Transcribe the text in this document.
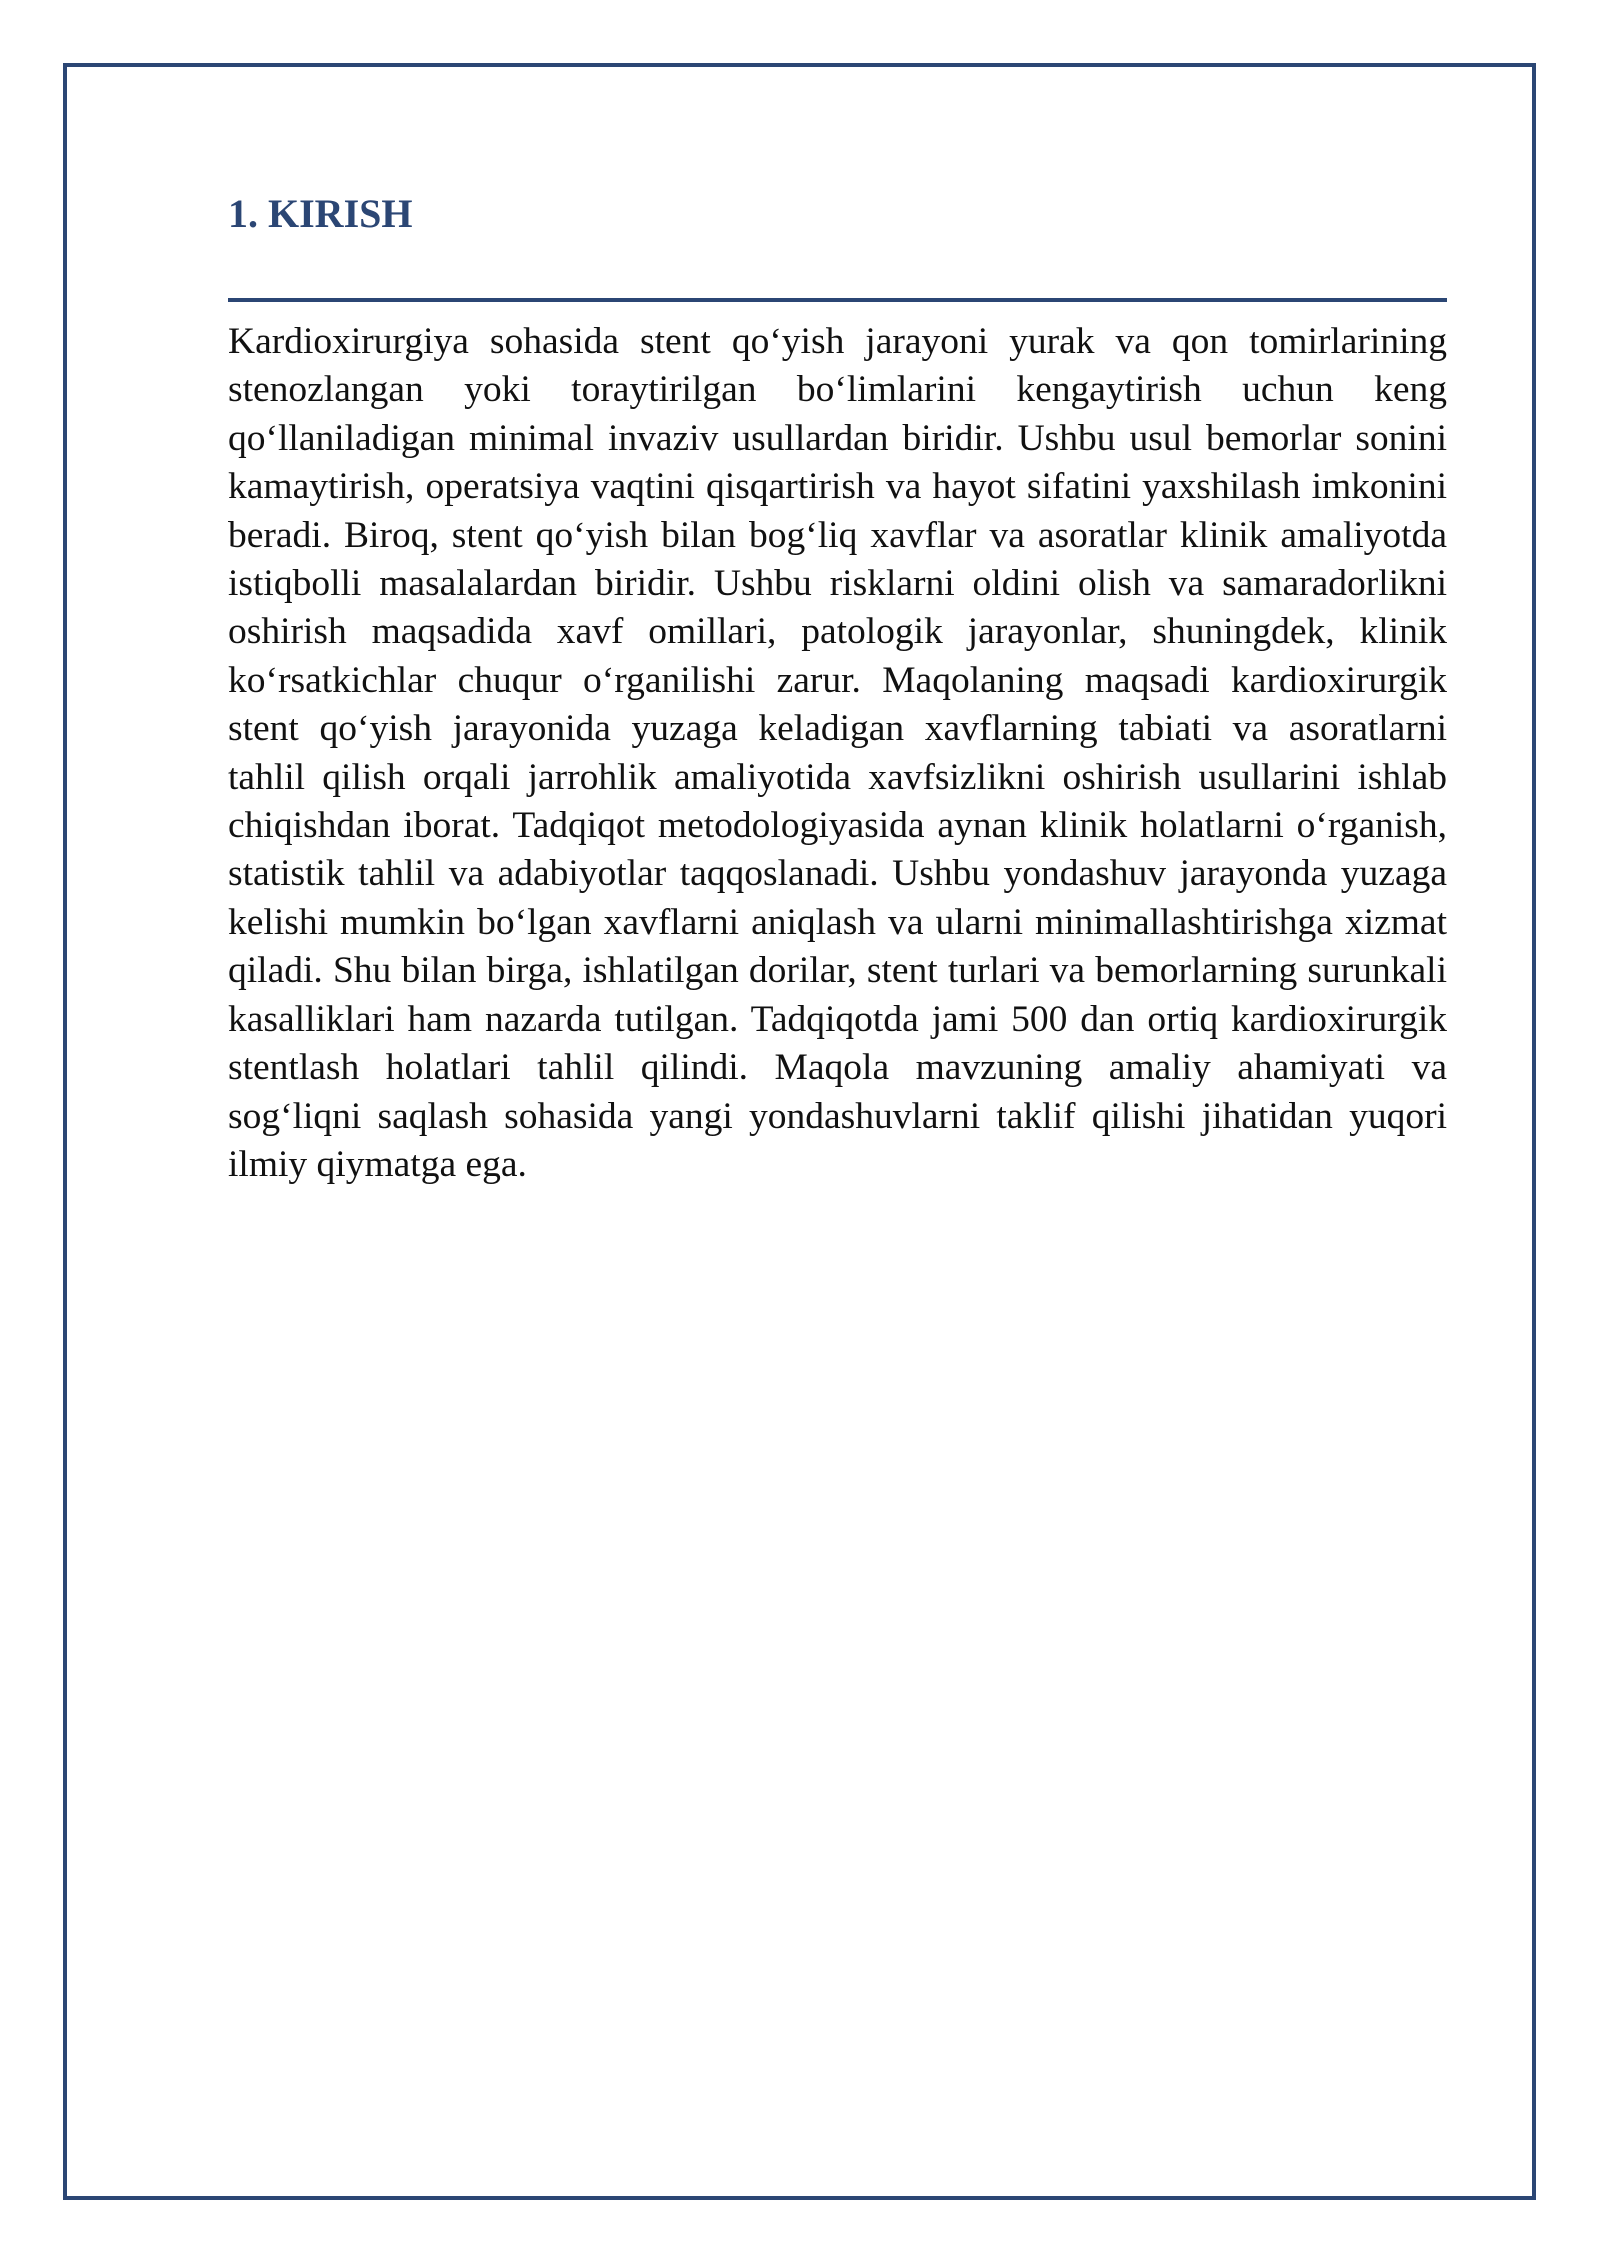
1. KIRISH
Kardioxirurgiya sohasida stent qo‘yish jarayoni yurak va qon tomirlarining
stenozlangan yoki toraytirilgan bo‘limlarini kengaytirish uchun keng
qo‘llaniladigan minimal invaziv usullardan biridir. Ushbu usul bemorlar sonini
kamaytirish, operatsiya vaqtini qisqartirish va hayot sifatini yaxshilash imkonini
beradi. Biroq, stent qo‘yish bilan bog‘liq xavflar va asoratlar klinik amaliyotda
istiqbolli masalalardan biridir. Ushbu risklarni oldini olish va samaradorlikni
oshirish maqsadida xavf omillari, patologik jarayonlar, shuningdek, klinik
ko‘rsatkichlar chuqur o‘rganilishi zarur. Maqolaning maqsadi kardioxirurgik
stent qo‘yish jarayonida yuzaga keladigan xavflarning tabiati va asoratlarni
tahlil qilish orqali jarrohlik amaliyotida xavfsizlikni oshirish usullarini ishlab
chiqishdan iborat. Tadqiqot metodologiyasida aynan klinik holatlarni o‘rganish,
statistik tahlil va adabiyotlar taqqoslanadi. Ushbu yondashuv jarayonda yuzaga
kelishi mumkin bo‘lgan xavflarni aniqlash va ularni minimallashtirishga xizmat
qiladi. Shu bilan birga, ishlatilgan dorilar, stent turlari va bemorlarning surunkali
kasalliklari ham nazarda tutilgan. Tadqiqotda jami 500 dan ortiq kardioxirurgik
stentlash holatlari tahlil qilindi. Maqola mavzuning amaliy ahamiyati va
sog‘liqni saqlash sohasida yangi yondashuvlarni taklif qilishi jihatidan yuqori
ilmiy qiymatga ega.
